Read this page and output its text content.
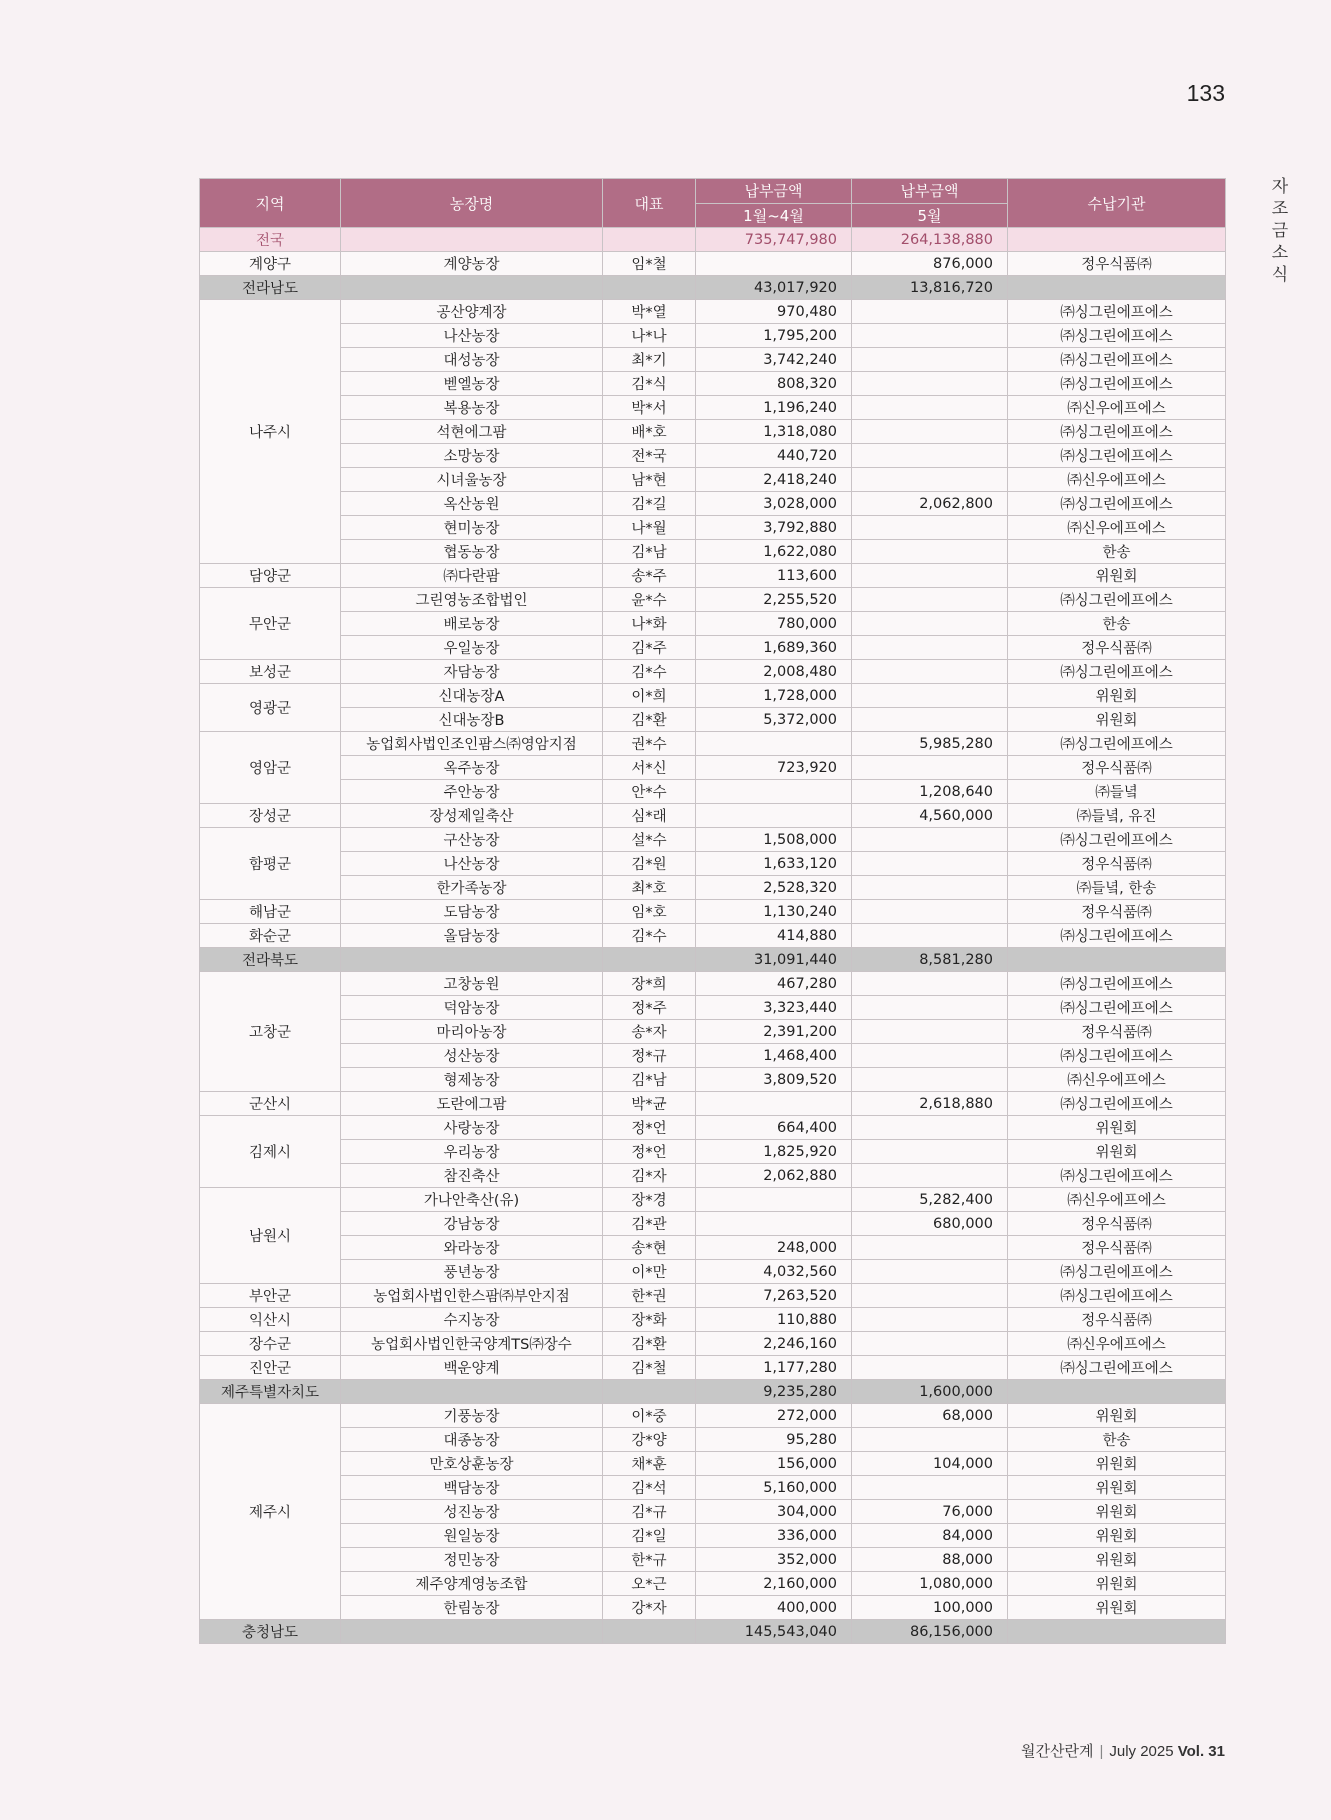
133
자
조
금
소
식
지역	농장명	대표	납부금액	납부금액	수납기관
			1월~4월	5월	
전국			735,747,980	264,138,880	
계양구	계양농장	임*철		876,000	정우식품㈜
전라남도			43,017,920	13,816,720	
나주시	공산양계장	박*열	970,480		㈜싱그린에프에스
	나산농장	나*나	1,795,200		㈜싱그린에프에스
	대성농장	최*기	3,742,240		㈜싱그린에프에스
	벧엘농장	김*식	808,320		㈜싱그린에프에스
	복용농장	박*서	1,196,240		㈜신우에프에스
	석현에그팜	배*호	1,318,080		㈜싱그린에프에스
	소망농장	전*국	440,720		㈜싱그린에프에스
	시녀울농장	남*현	2,418,240		㈜신우에프에스
	옥산농원	김*길	3,028,000	2,062,800	㈜싱그린에프에스
	현미농장	나*월	3,792,880		㈜신우에프에스
	협동농장	김*남	1,622,080		한송
담양군	㈜다란팜	송*주	113,600		위원회
무안군	그린영농조합법인	윤*수	2,255,520		㈜싱그린에프에스
	배로농장	나*화	780,000		한송
	우일농장	김*주	1,689,360		정우식품㈜
보성군	자담농장	김*수	2,008,480		㈜싱그린에프에스
영광군	신대농장A	이*희	1,728,000		위원회
	신대농장B	김*환	5,372,000		위원회
영암군	농업회사법인조인팜스㈜영암지점	권*수		5,985,280	㈜싱그린에프에스
	옥주농장	서*신	723,920		정우식품㈜
	주안농장	안*수		1,208,640	㈜들녘
장성군	장성제일축산	심*래		4,560,000	㈜들녘, 유진
함평군	구산농장	설*수	1,508,000		㈜싱그린에프에스
	나산농장	김*원	1,633,120		정우식품㈜
	한가족농장	최*호	2,528,320		㈜들녘, 한송
해남군	도담농장	임*호	1,130,240		정우식품㈜
화순군	올담농장	김*수	414,880		㈜싱그린에프에스
전라북도			31,091,440	8,581,280	
고창군	고창농원	장*희	467,280		㈜싱그린에프에스
	덕암농장	정*주	3,323,440		㈜싱그린에프에스
	마리아농장	송*자	2,391,200		정우식품㈜
	성산농장	정*규	1,468,400		㈜싱그린에프에스
	형제농장	김*남	3,809,520		㈜신우에프에스
군산시	도란에그팜	박*균		2,618,880	㈜싱그린에프에스
김제시	사랑농장	정*언	664,400		위원회
	우리농장	정*언	1,825,920		위원회
	참진축산	김*자	2,062,880		㈜싱그린에프에스
남원시	가나안축산(유)	장*경		5,282,400	㈜신우에프에스
	강남농장	김*관		680,000	정우식품㈜
	와라농장	송*현	248,000		정우식품㈜
	풍년농장	이*만	4,032,560		㈜싱그린에프에스
부안군	농업회사법인한스팜㈜부안지점	한*권	7,263,520		㈜싱그린에프에스
익산시	수지농장	장*화	110,880		정우식품㈜
장수군	농업회사법인한국양계TS㈜장수	김*환	2,246,160		㈜신우에프에스
진안군	백운양계	김*철	1,177,280		㈜싱그린에프에스
제주특별자치도			9,235,280	1,600,000	
제주시	기풍농장	이*중	272,000	68,000	위원회
	대종농장	강*양	95,280		한송
	만호상훈농장	채*훈	156,000	104,000	위원회
	백담농장	김*석	5,160,000		위원회
	성진농장	김*규	304,000	76,000	위원회
	원일농장	김*일	336,000	84,000	위원회
	정민농장	한*규	352,000	88,000	위원회
	제주양계영농조합	오*근	2,160,000	1,080,000	위원회
	한림농장	강*자	400,000	100,000	위원회
충청남도			145,543,040	86,156,000	
월간산란계 | July 2025 Vol. 31
